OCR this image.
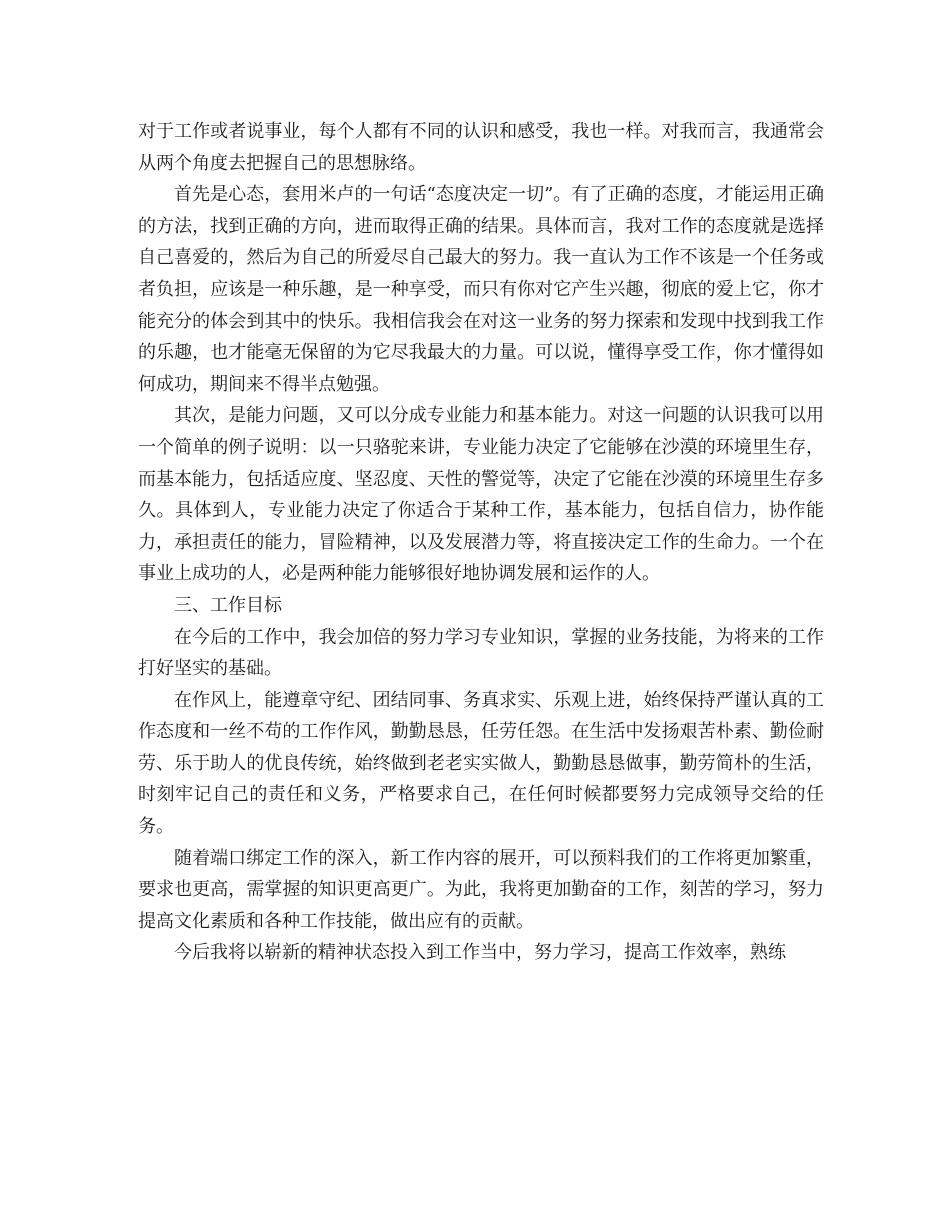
对于工作或者说事业，每个人都有不同的认识和感受，我也一样。对我而言，我通常会从两个角度去把握自己的思想脉络。

首先是心态，套用米卢的一句话“态度决定一切”。有了正确的态度，才能运用正确的方法，找到正确的方向，进而取得正确的结果。具体而言，我对工作的态度就是选择自己喜爱的，然后为自己的所爱尽自己最大的努力。我一直认为工作不该是一个任务或者负担，应该是一种乐趣，是一种享受，而只有你对它产生兴趣，彻底的爱上它，你才能充分的体会到其中的快乐。我相信我会在对这一业务的努力探索和发现中找到我工作的乐趣，也才能毫无保留的为它尽我最大的力量。可以说，懂得享受工作，你才懂得如何成功，期间来不得半点勉强。

其次，是能力问题，又可以分成专业能力和基本能力。对这一问题的认识我可以用一个简单的例子说明：以一只骆驼来讲，专业能力决定了它能够在沙漠的环境里生存，而基本能力，包括适应度、坚忍度、天性的警觉等，决定了它能在沙漠的环境里生存多久。具体到人，专业能力决定了你适合于某种工作，基本能力，包括自信力，协作能力，承担责任的能力，冒险精神，以及发展潜力等，将直接决定工作的生命力。一个在事业上成功的人，必是两种能力能够很好地协调发展和运作的人。

三、工作目标

在今后的工作中，我会加倍的努力学习专业知识，掌握的业务技能，为将来的工作打好坚实的基础。

在作风上，能遵章守纪、团结同事、务真求实、乐观上进，始终保持严谨认真的工作态度和一丝不苟的工作作风，勤勤恳恳，任劳任怨。在生活中发扬艰苦朴素、勤俭耐劳、乐于助人的优良传统，始终做到老老实实做人，勤勤恳恳做事，勤劳简朴的生活，时刻牢记自己的责任和义务，严格要求自己，在任何时候都要努力完成领导交给的任务。

随着端口绑定工作的深入，新工作内容的展开，可以预料我们的工作将更加繁重，要求也更高，需掌握的知识更高更广。为此，我将更加勤奋的工作，刻苦的学习，努力提高文化素质和各种工作技能，做出应有的贡献。

今后我将以崭新的精神状态投入到工作当中，努力学习，提高工作效率，熟练
